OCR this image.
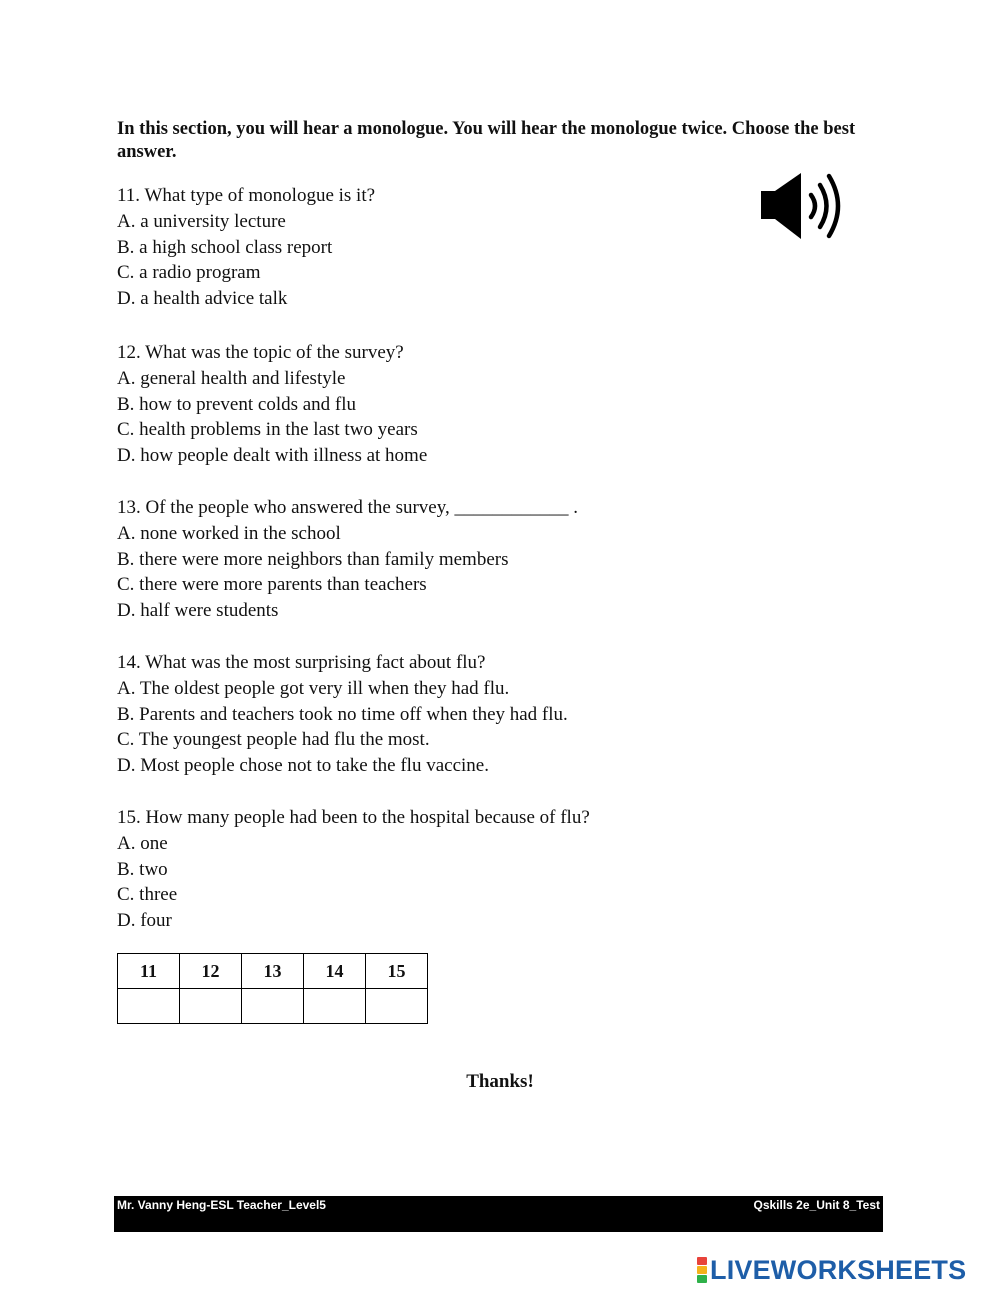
In this section, you will hear a monologue. You will hear the monologue twice. Choose the best answer.
11. What type of monologue is it?
A. a university lecture
B. a high school class report
C. a radio program
D. a health advice talk
12. What was the topic of the survey?
A. general health and lifestyle
B. how to prevent colds and flu
C. health problems in the last two years
D. how people dealt with illness at home
13. Of the people who answered the survey, ____________ .
A. none worked in the school
B. there were more neighbors than family members
C. there were more parents than teachers
D. half were students
14. What was the most surprising fact about flu?
A. The oldest people got very ill when they had flu.
B. Parents and teachers took no time off when they had flu.
C. The youngest people had flu the most.
D. Most people chose not to take the flu vaccine.
15. How many people had been to the hospital because of flu?
A. one
B. two
C. three
D. four
11	12	13	14	15

Thanks!
Mr. Vanny Heng-ESL Teacher_Level5	Qskills 2e_Unit 8_Test
LIVEWORKSHEETS
